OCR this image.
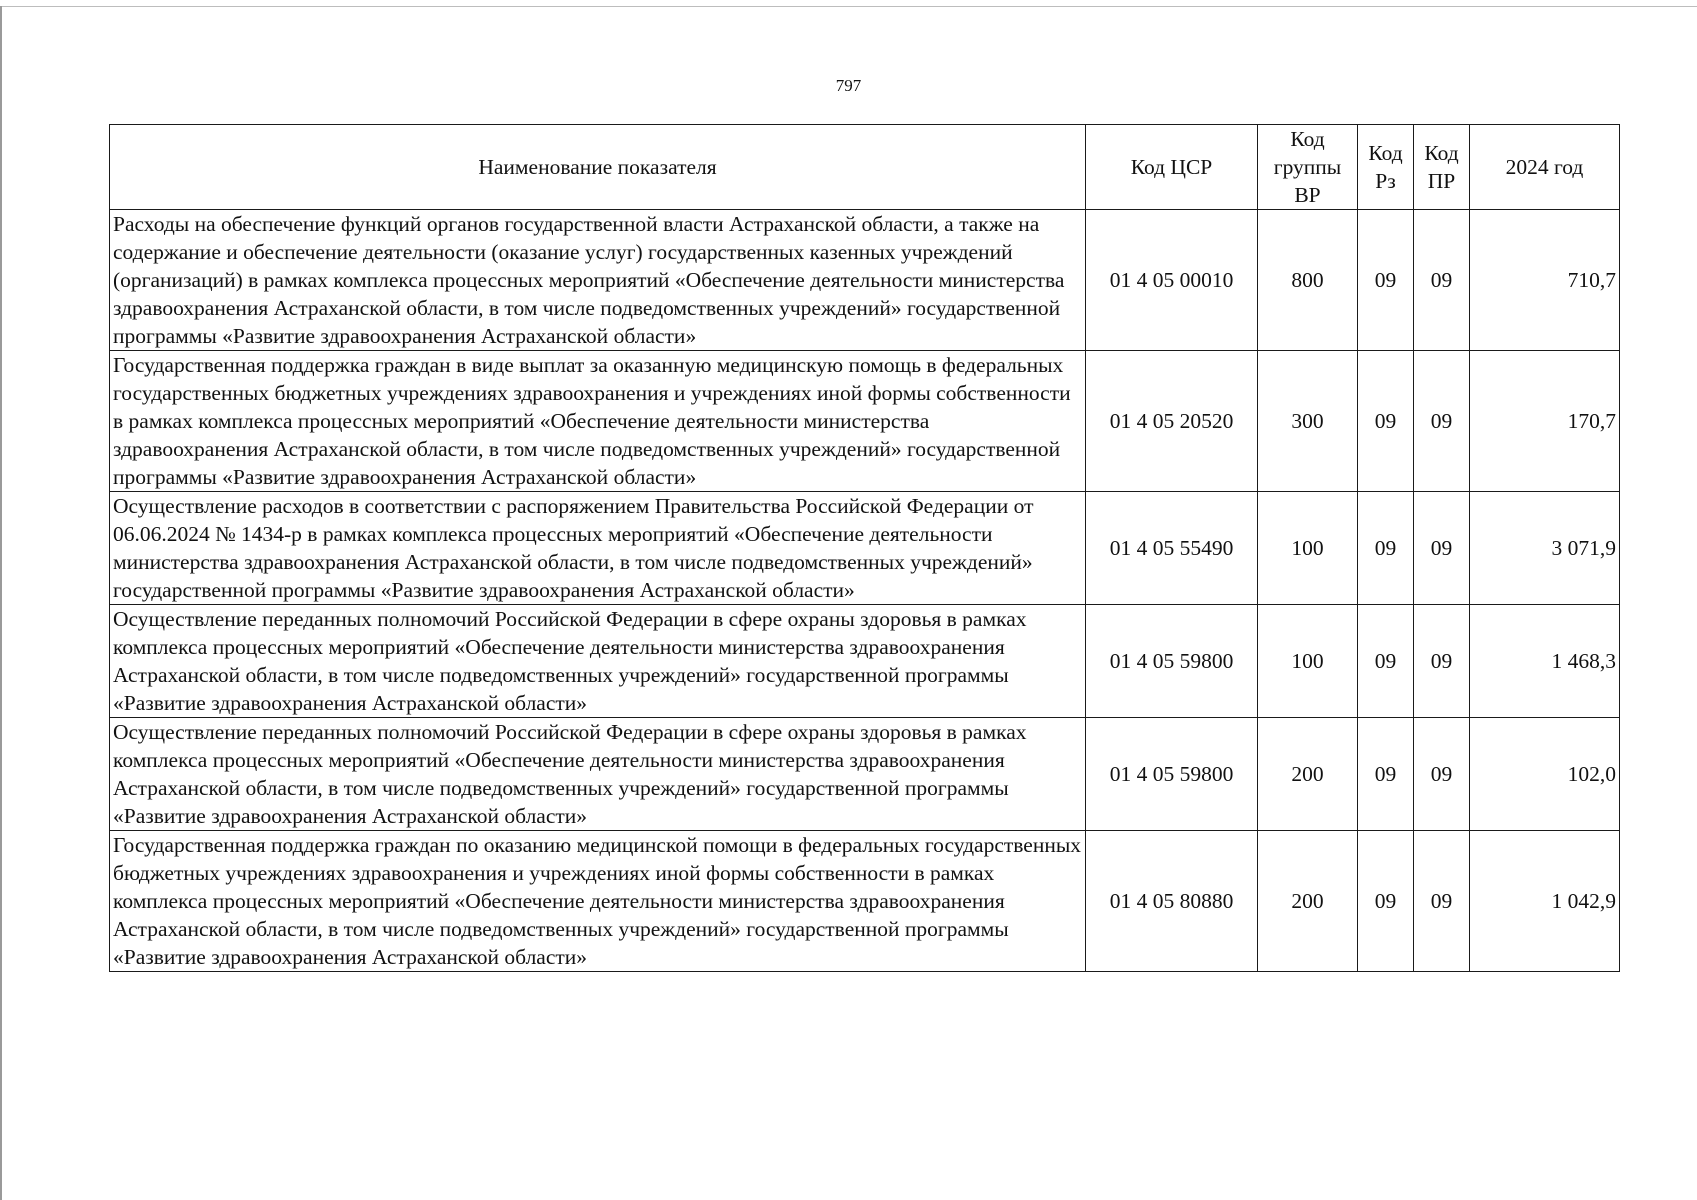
797
Наименование показателя	Код ЦСР	Код группы ВР	Код Рз	Код ПР	2024 год
Расходы на обеспечение функций органов государственной власти Астраханской области, а также на содержание и обеспечение деятельности (оказание услуг) государственных казенных учреждений (организаций) в рамках комплекса процессных мероприятий «Обеспечение деятельности министерства здравоохранения Астраханской области, в том числе подведомственных учреждений» государственной программы «Развитие здравоохранения Астраханской области»	01 4 05 00010	800	09	09	710,7
Государственная поддержка граждан в виде выплат за оказанную медицинскую помощь в федеральных государственных бюджетных учреждениях здравоохранения и учреждениях иной формы собственности в рамках комплекса процессных мероприятий «Обеспечение деятельности министерства здравоохранения Астраханской области, в том числе подведомственных учреждений» государственной программы «Развитие здравоохранения Астраханской области»	01 4 05 20520	300	09	09	170,7
Осуществление расходов в соответствии с распоряжением Правительства Российской Федерации от 06.06.2024 № 1434-р в рамках комплекса процессных мероприятий «Обеспечение деятельности министерства здравоохранения Астраханской области, в том числе подведомственных учреждений» государственной программы «Развитие здравоохранения Астраханской области»	01 4 05 55490	100	09	09	3 071,9
Осуществление переданных полномочий Российской Федерации в сфере охраны здоровья в рамках комплекса процессных мероприятий «Обеспечение деятельности министерства здравоохранения Астраханской области, в том числе подведомственных учреждений» государственной программы «Развитие здравоохранения Астраханской области»	01 4 05 59800	100	09	09	1 468,3
Осуществление переданных полномочий Российской Федерации в сфере охраны здоровья в рамках комплекса процессных мероприятий «Обеспечение деятельности министерства здравоохранения Астраханской области, в том числе подведомственных учреждений» государственной программы «Развитие здравоохранения Астраханской области»	01 4 05 59800	200	09	09	102,0
Государственная поддержка граждан по оказанию медицинской помощи в федеральных государственных бюджетных учреждениях здравоохранения и учреждениях иной формы собственности в рамках комплекса процессных мероприятий «Обеспечение деятельности министерства здравоохранения Астраханской области, в том числе подведомственных учреждений» государственной программы «Развитие здравоохранения Астраханской области»	01 4 05 80880	200	09	09	1 042,9
